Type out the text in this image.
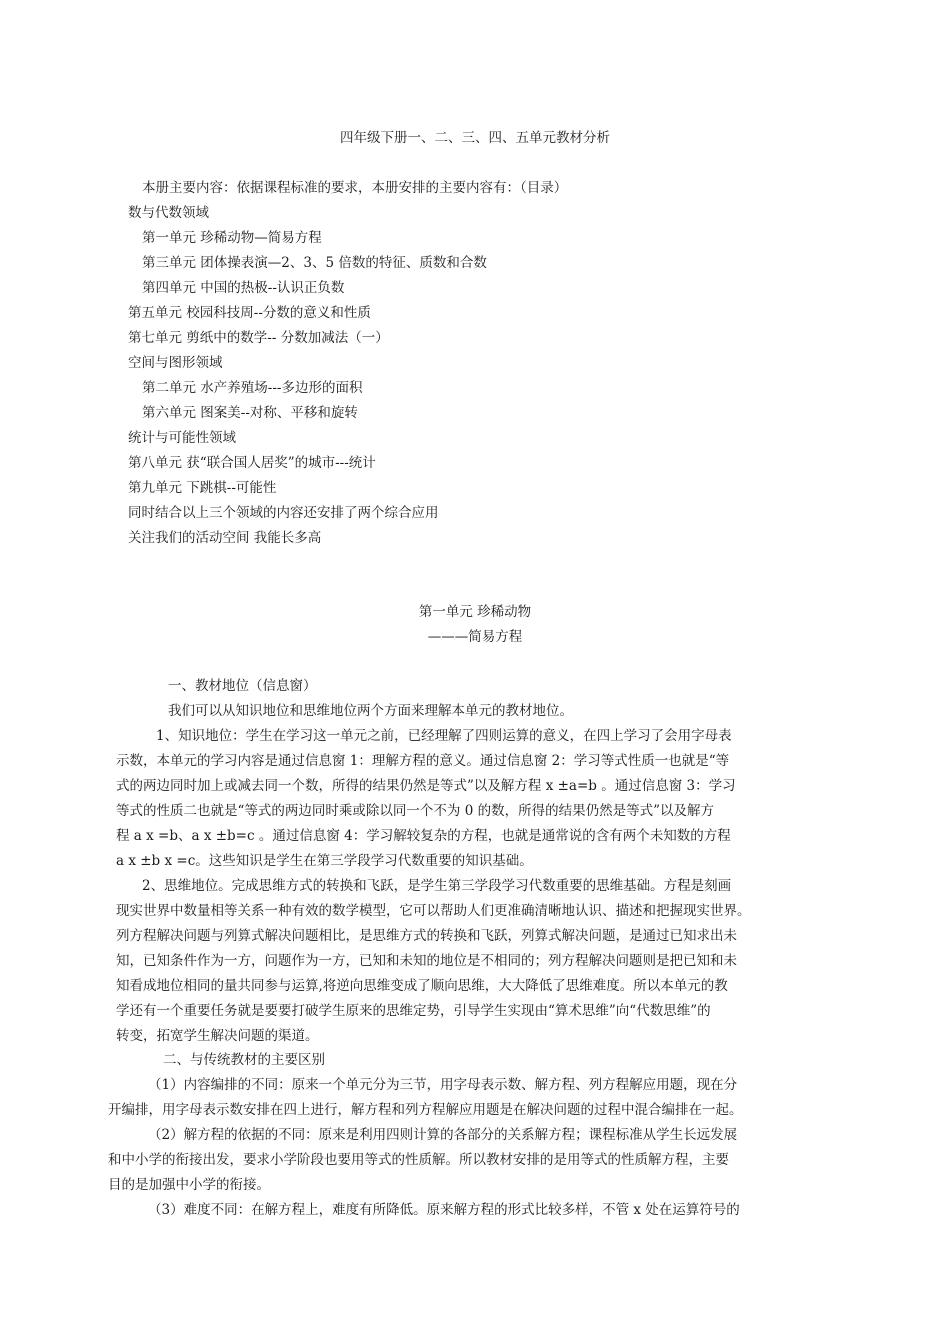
四年级下册一、二、三、四、五单元教材分析
本册主要内容：依据课程标准的要求，本册安排的主要内容有：（目录）
数与代数领域
第一单元 珍稀动物—简易方程
第三单元 团体操表演—2、3、5 倍数的特征、质数和合数
第四单元 中国的热极--认识正负数
第五单元 校园科技周--分数的意义和性质
第七单元 剪纸中的数学-- 分数加减法（一）
空间与图形领域
第二单元 水产养殖场---多边形的面积
第六单元 图案美--对称、平移和旋转
统计与可能性领域
第八单元 获“联合国人居奖”的城市---统计
第九单元 下跳棋--可能性
同时结合以上三个领域的内容还安排了两个综合应用
关注我们的活动空间 我能长多高
第一单元 珍稀动物
———简易方程
一、教材地位（信息窗）
我们可以从知识地位和思维地位两个方面来理解本单元的教材地位。
1、知识地位：学生在学习这一单元之前，已经理解了四则运算的意义，在四上学习了会用字母表
示数，本单元的学习内容是通过信息窗 1：理解方程的意义。通过信息窗 2：学习等式性质一也就是“等
式的两边同时加上或减去同一个数，所得的结果仍然是等式”以及解方程 x ±a=b 。通过信息窗 3：学习
等式的性质二也就是“等式的两边同时乘或除以同一个不为 0 的数，所得的结果仍然是等式”以及解方
程 a x =b、a x ±b=c 。通过信息窗 4：学习解较复杂的方程，也就是通常说的含有两个未知数的方程
a x ±b x =c。这些知识是学生在第三学段学习代数重要的知识基础。
2、思维地位。完成思维方式的转换和飞跃，是学生第三学段学习代数重要的思维基础。方程是刻画
现实世界中数量相等关系一种有效的数学模型，它可以帮助人们更准确清晰地认识、描述和把握现实世界。
列方程解决问题与列算式解决问题相比，是思维方式的转换和飞跃，列算式解决问题，是通过已知求出未
知，已知条件作为一方，问题作为一方，已知和未知的地位是不相同的；列方程解决问题则是把已知和未
知看成地位相同的量共同参与运算,将逆向思维变成了顺向思维，大大降低了思维难度。所以本单元的教
学还有一个重要任务就是要要打破学生原来的思维定势，引导学生实现由“算术思维”向“代数思维”的
转变，拓宽学生解决问题的渠道。
二、与传统教材的主要区别
（1）内容编排的不同：原来一个单元分为三节，用字母表示数、解方程、列方程解应用题，现在分
开编排，用字母表示数安排在四上进行，解方程和列方程解应用题是在解决问题的过程中混合编排在一起。
（2）解方程的依据的不同：原来是利用四则计算的各部分的关系解方程；课程标准从学生长远发展
和中小学的衔接出发，要求小学阶段也要用等式的性质解。所以教材安排的是用等式的性质解方程，主要
目的是加强中小学的衔接。
（3）难度不同：在解方程上，难度有所降低。原来解方程的形式比较多样，不管 x 处在运算符号的
